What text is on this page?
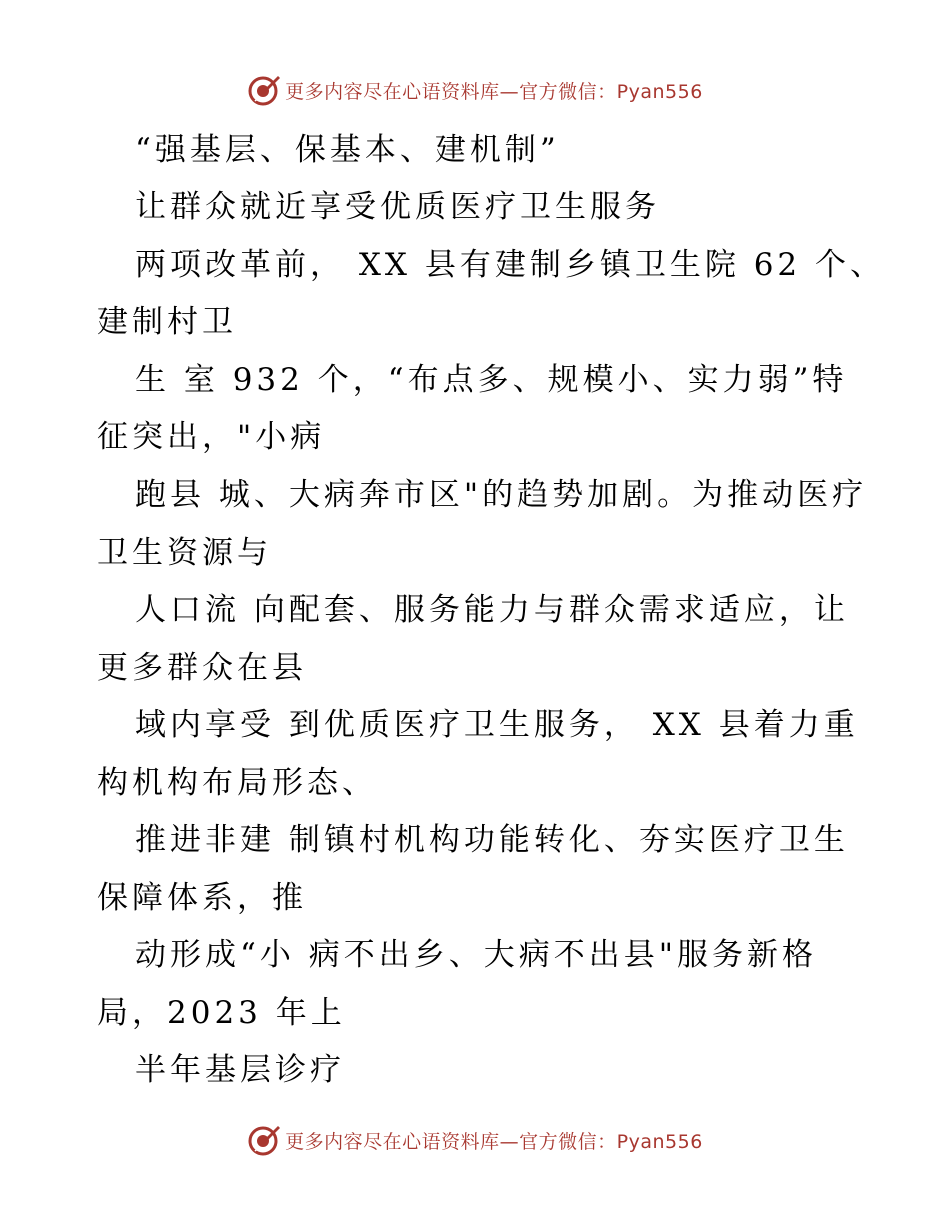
更多内容尽在心语资料库—官方微信：Pyan556
“强基层、保基本、建机制”
让群众就近享受优质医疗卫生服务
两项改革前， XX 县有建制乡镇卫生院 62 个、
建制村卫
生 室 932 个，“布点多、规模小、实力弱”特
征突出，"小病
跑县 城、大病奔市区"的趋势加剧。为推动医疗
卫生资源与
人口流 向配套、服务能力与群众需求适应，让
更多群众在县
域内享受 到优质医疗卫生服务， XX 县着力重
构机构布局形态、
推进非建 制镇村机构功能转化、夯实医疗卫生
保障体系，推
动形成“小 病不出乡、大病不出县"服务新格
局，2023 年上
半年基层诊疗
更多内容尽在心语资料库—官方微信：Pyan556
